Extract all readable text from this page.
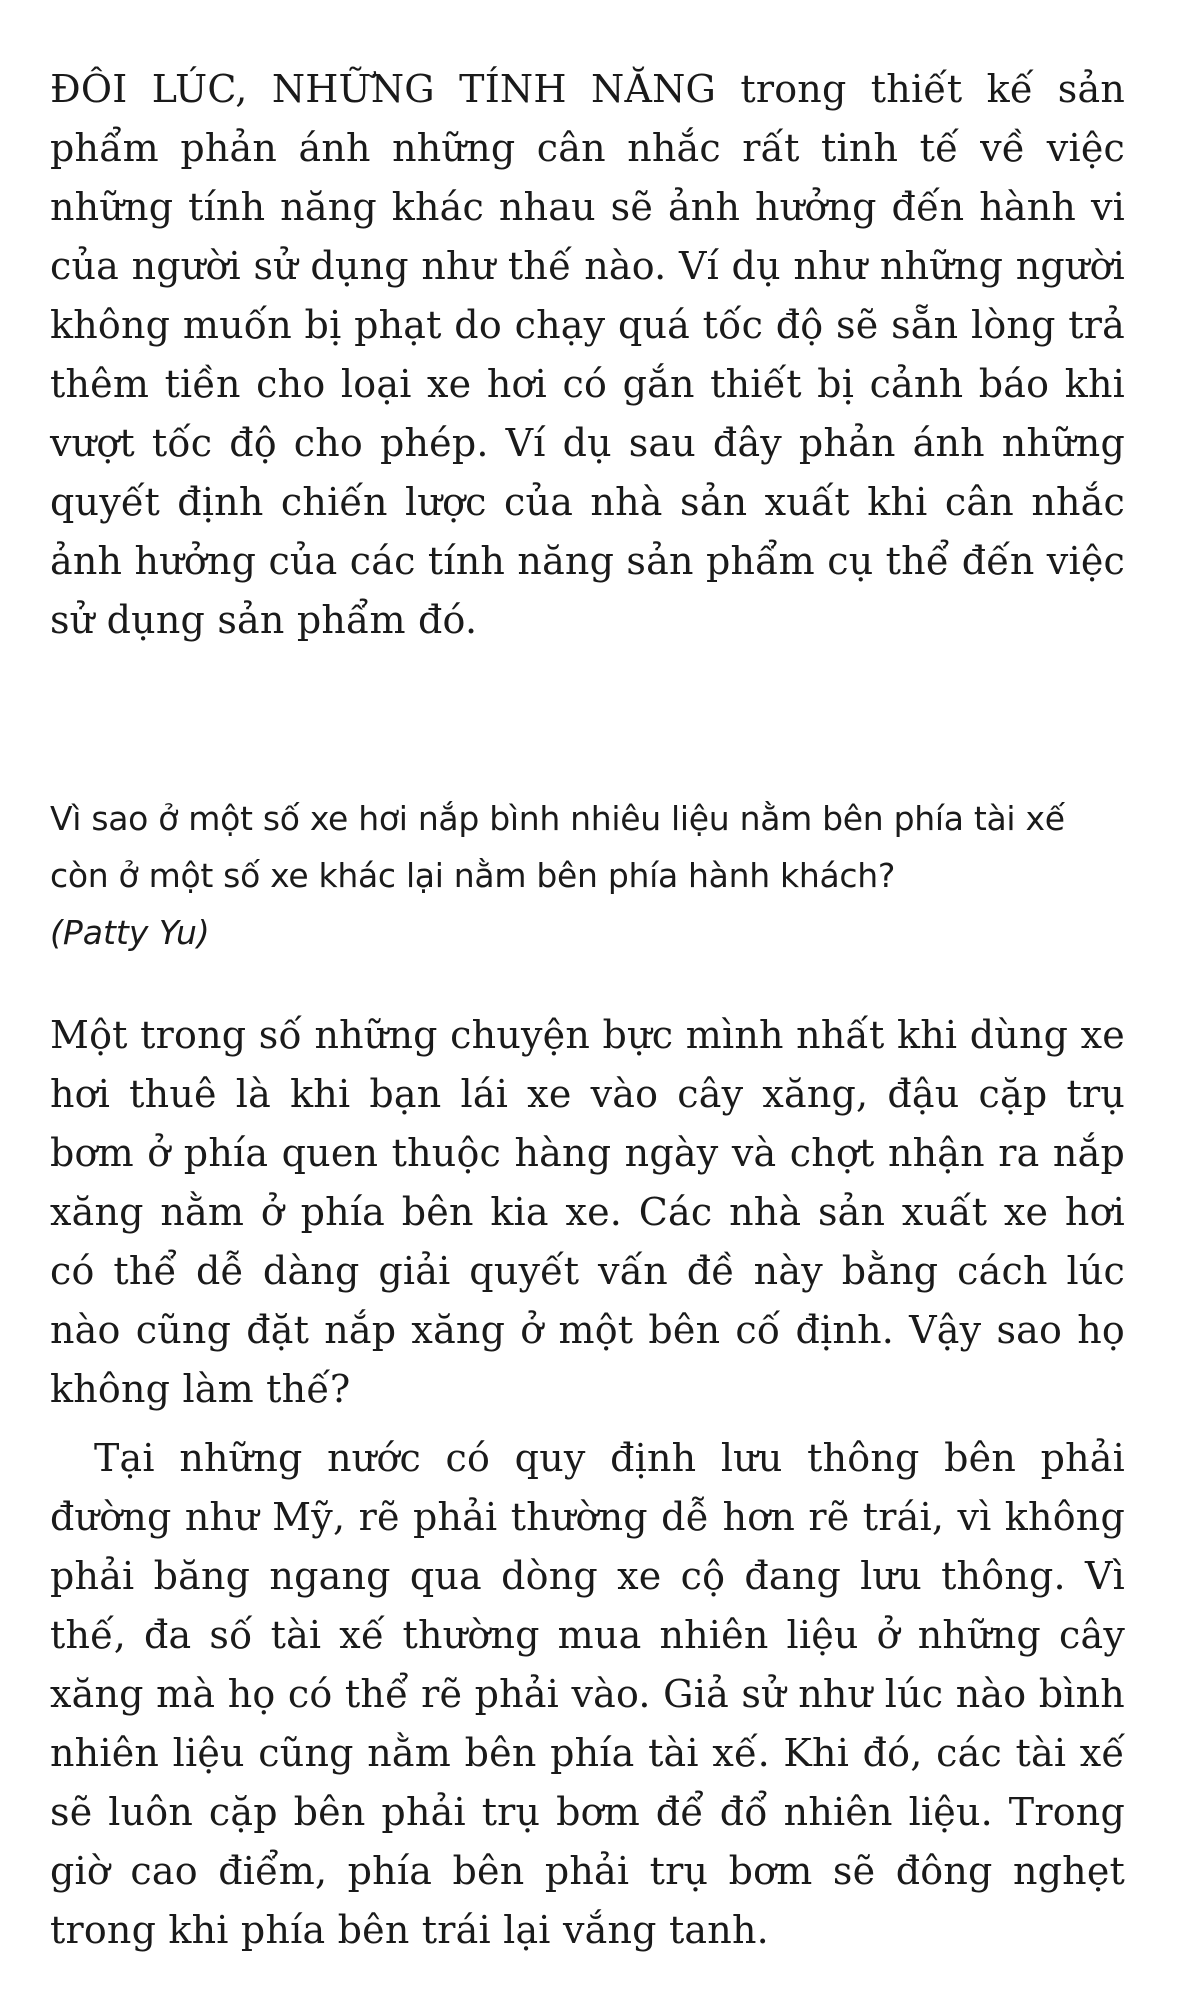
ĐÔI LÚC, NHỮNG TÍNH NĂNG trong thiết kế sản phẩm phản ánh những cân nhắc rất tinh tế về việc những tính năng khác nhau sẽ ảnh hưởng đến hành vi của người sử dụng như thế nào. Ví dụ như những người không muốn bị phạt do chạy quá tốc độ sẽ sẵn lòng trả thêm tiền cho loại xe hơi có gắn thiết bị cảnh báo khi vượt tốc độ cho phép. Ví dụ sau đây phản ánh những quyết định chiến lược của nhà sản xuất khi cân nhắc ảnh hưởng của các tính năng sản phẩm cụ thể đến việc sử dụng sản phẩm đó.

Vì sao ở một số xe hơi nắp bình nhiêu liệu nằm bên phía tài xế còn ở một số xe khác lại nằm bên phía hành khách?

(Patty Yu)

Một trong số những chuyện bực mình nhất khi dùng xe hơi thuê là khi bạn lái xe vào cây xăng, đậu cặp trụ bơm ở phía quen thuộc hàng ngày và chợt nhận ra nắp xăng nằm ở phía bên kia xe. Các nhà sản xuất xe hơi có thể dễ dàng giải quyết vấn đề này bằng cách lúc nào cũng đặt nắp xăng ở một bên cố định. Vậy sao họ không làm thế?

Tại những nước có quy định lưu thông bên phải đường như Mỹ, rẽ phải thường dễ hơn rẽ trái, vì không phải băng ngang qua dòng xe cộ đang lưu thông. Vì thế, đa số tài xế thường mua nhiên liệu ở những cây xăng mà họ có thể rẽ phải vào. Giả sử như lúc nào bình nhiên liệu cũng nằm bên phía tài xế. Khi đó, các tài xế sẽ luôn cặp bên phải trụ bơm để đổ nhiên liệu. Trong giờ cao điểm, phía bên phải trụ bơm sẽ đông nghẹt trong khi phía bên trái lại vắng tanh.
